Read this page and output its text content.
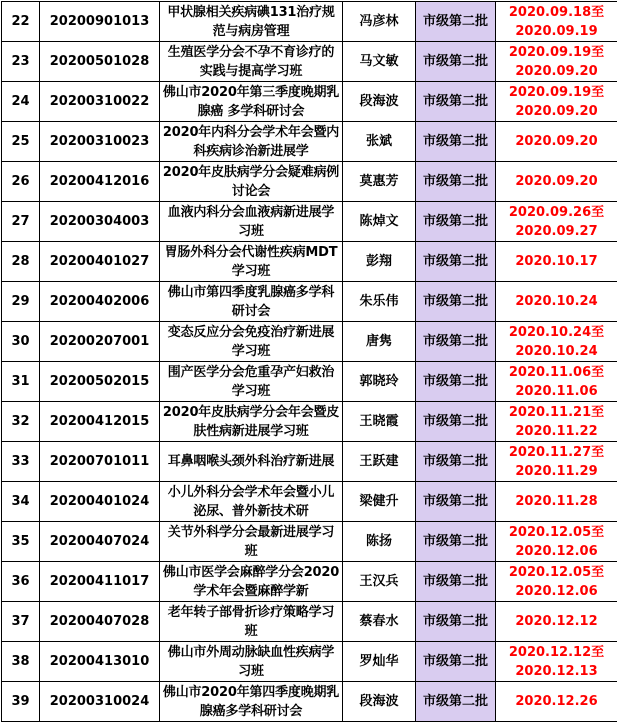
22	20200901013	甲状腺相关疾病碘131治疗规范与病房管理	冯彦林	市级第二批	2020.09.18至2020.09.19
23	20200501028	生殖医学分会不孕不育诊疗的实践与提高学习班	马文敏	市级第二批	2020.09.19至2020.09.20
24	20200310022	佛山市2020年第三季度晚期乳腺癌 多学科研讨会	段海波	市级第二批	2020.09.19至2020.09.20
25	20200310023	2020年内科分会学术年会暨内科疾病诊治新进展学	张斌	市级第二批	2020.09.20
26	20200412016	2020年皮肤病学分会疑难病例讨论会	莫惠芳	市级第二批	2020.09.20
27	20200304003	血液内科分会血液病新进展学习班	陈焯文	市级第二批	2020.09.26至2020.09.27
28	20200401027	胃肠外科分会代谢性疾病MDT学习班	彭翔	市级第二批	2020.10.17
29	20200402006	佛山市第四季度乳腺癌多学科研讨会	朱乐伟	市级第二批	2020.10.24
30	20200207001	变态反应分会免疫治疗新进展学习班	唐隽	市级第二批	2020.10.24至2020.10.24
31	20200502015	围产医学分会危重孕产妇救治学习班	郭晓玲	市级第二批	2020.11.06至2020.11.06
32	20200412015	2020年皮肤病学分会年会暨皮肤性病新进展学习班	王晓霞	市级第二批	2020.11.21至2020.11.22
33	20200701011	耳鼻咽喉头颈外科治疗新进展	王跃建	市级第二批	2020.11.27至2020.11.29
34	20200401024	小儿外科分会学术年会暨小儿泌尿、普外新技术研	梁健升	市级第二批	2020.11.28
35	20200407024	关节外科学分会最新进展学习班	陈扬	市级第二批	2020.12.05至2020.12.06
36	20200411017	佛山市医学会麻醉学分会2020学术年会暨麻醉学新	王汉兵	市级第二批	2020.12.05至2020.12.06
37	20200407028	老年转子部骨折诊疗策略学习班	蔡春水	市级第二批	2020.12.12
38	20200413010	佛山市外周动脉缺血性疾病学习班	罗灿华	市级第二批	2020.12.12至2020.12.13
39	20200310024	佛山市2020年第四季度晚期乳腺癌多学科研讨会	段海波	市级第二批	2020.12.26
